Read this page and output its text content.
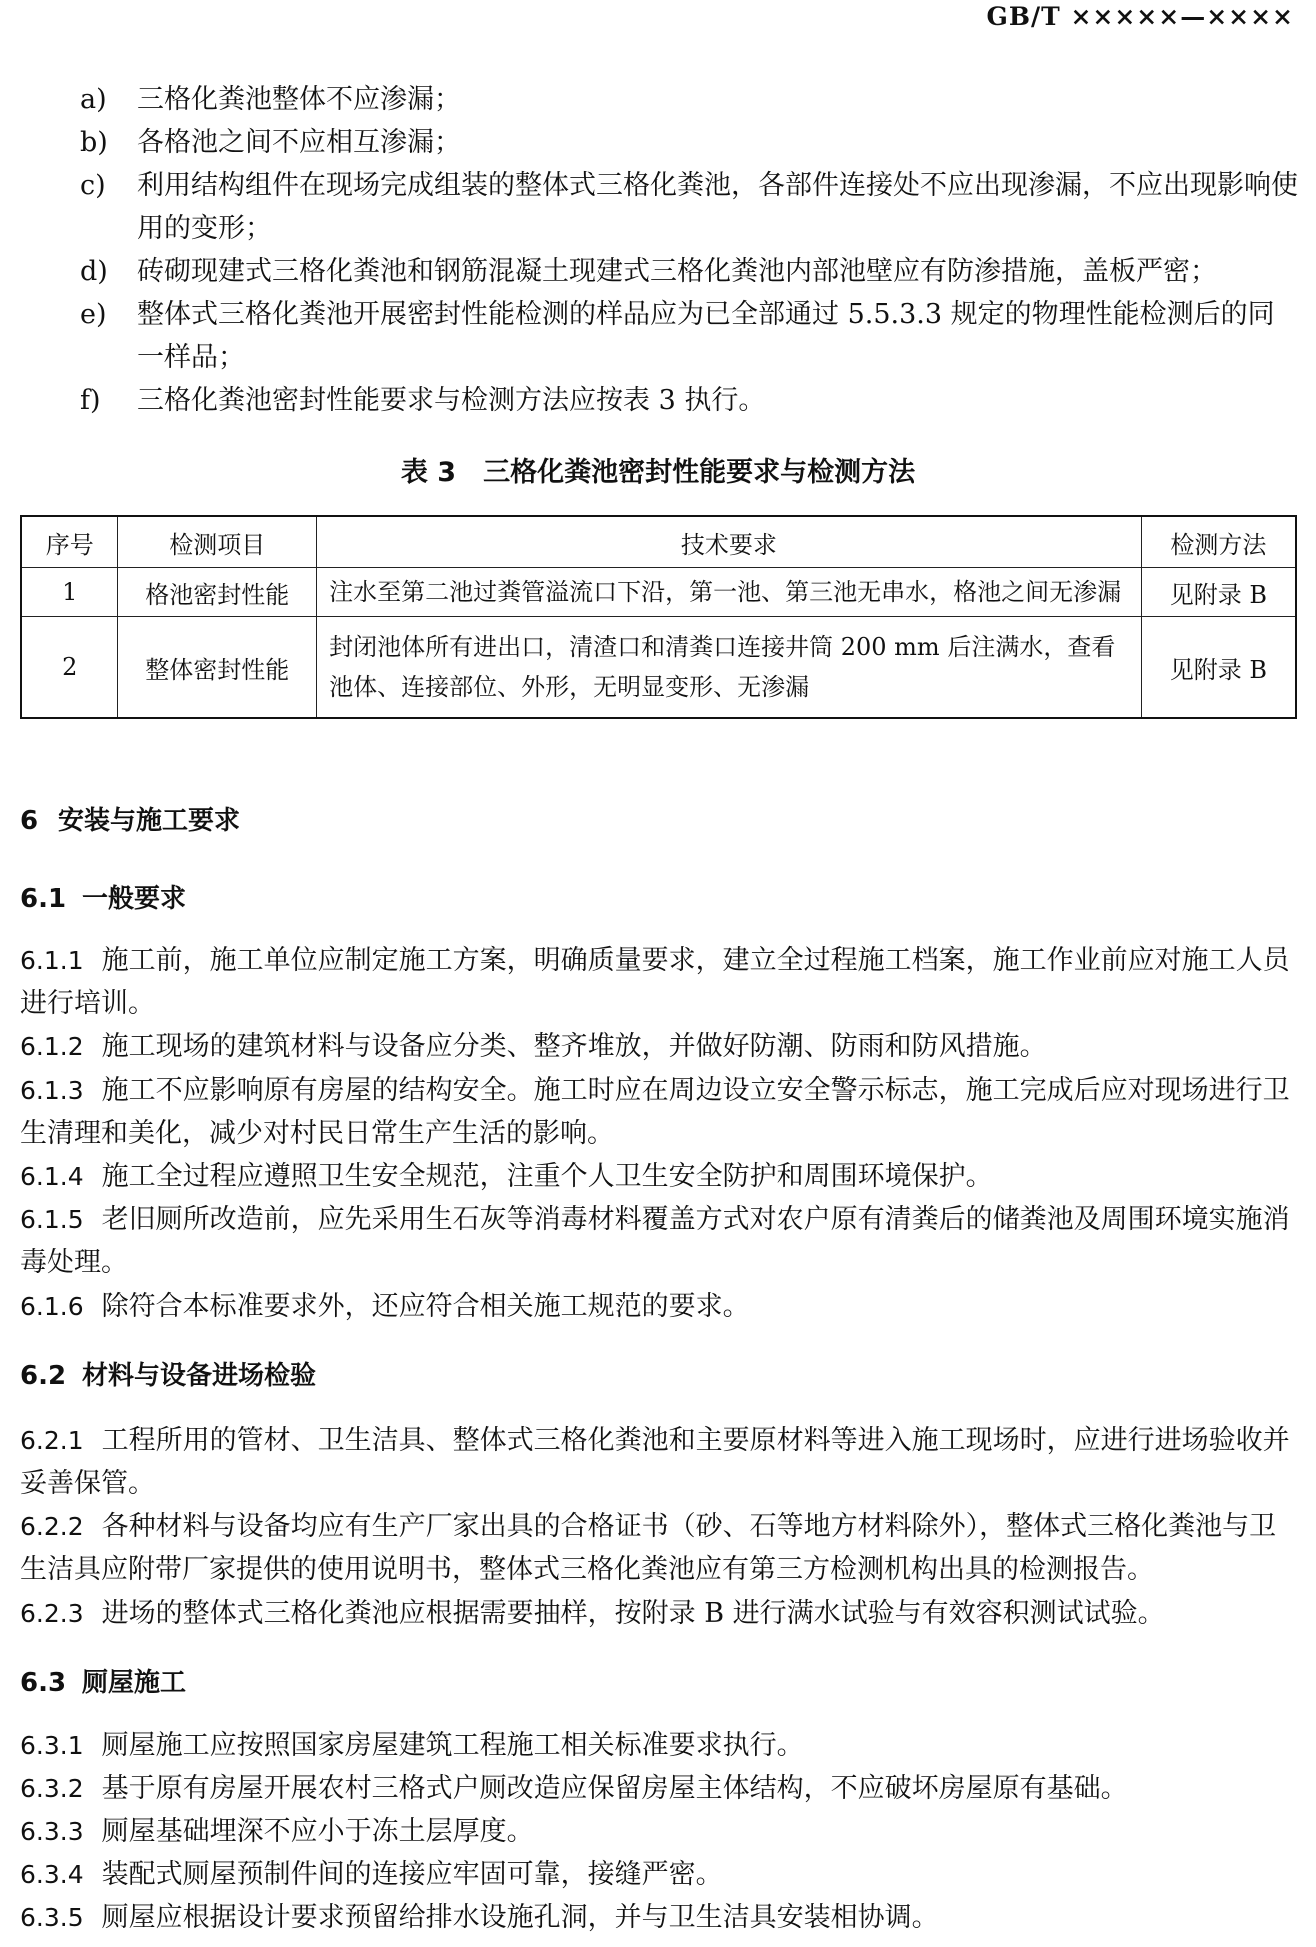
GB/T ×××××—××××
a)	三格化粪池整体不应渗漏；
b)	各格池之间不应相互渗漏；
c)	利用结构组件在现场完成组装的整体式三格化粪池，各部件连接处不应出现渗漏，不应出现影响使用的变形；
d)	砖砌现建式三格化粪池和钢筋混凝土现建式三格化粪池内部池壁应有防渗措施，盖板严密；
e)	整体式三格化粪池开展密封性能检测的样品应为已全部通过 5.5.3.3 规定的物理性能检测后的同一样品；
f)	三格化粪池密封性能要求与检测方法应按表 3 执行。
表 3　三格化粪池密封性能要求与检测方法
序号	检测项目	技术要求	检测方法
1	格池密封性能	注水至第二池过粪管溢流口下沿，第一池、第三池无串水，格池之间无渗漏	见附录 B
2	整体密封性能	封闭池体所有进出口，清渣口和清粪口连接井筒 200 mm 后注满水，查看池体、连接部位、外形，无明显变形、无渗漏	见附录 B
6 安装与施工要求
6.1 一般要求
6.1.1 施工前，施工单位应制定施工方案，明确质量要求，建立全过程施工档案，施工作业前应对施工人员进行培训。
6.1.2 施工现场的建筑材料与设备应分类、整齐堆放，并做好防潮、防雨和防风措施。
6.1.3 施工不应影响原有房屋的结构安全。施工时应在周边设立安全警示标志，施工完成后应对现场进行卫生清理和美化，减少对村民日常生产生活的影响。
6.1.4 施工全过程应遵照卫生安全规范，注重个人卫生安全防护和周围环境保护。
6.1.5 老旧厕所改造前，应先采用生石灰等消毒材料覆盖方式对农户原有清粪后的储粪池及周围环境实施消毒处理。
6.1.6 除符合本标准要求外，还应符合相关施工规范的要求。
6.2 材料与设备进场检验
6.2.1 工程所用的管材、卫生洁具、整体式三格化粪池和主要原材料等进入施工现场时，应进行进场验收并妥善保管。
6.2.2 各种材料与设备均应有生产厂家出具的合格证书（砂、石等地方材料除外），整体式三格化粪池与卫生洁具应附带厂家提供的使用说明书，整体式三格化粪池应有第三方检测机构出具的检测报告。
6.2.3 进场的整体式三格化粪池应根据需要抽样，按附录 B 进行满水试验与有效容积测试试验。
6.3 厕屋施工
6.3.1 厕屋施工应按照国家房屋建筑工程施工相关标准要求执行。
6.3.2 基于原有房屋开展农村三格式户厕改造应保留房屋主体结构，不应破坏房屋原有基础。
6.3.3 厕屋基础埋深不应小于冻土层厚度。
6.3.4 装配式厕屋预制件间的连接应牢固可靠，接缝严密。
6.3.5 厕屋应根据设计要求预留给排水设施孔洞，并与卫生洁具安装相协调。
